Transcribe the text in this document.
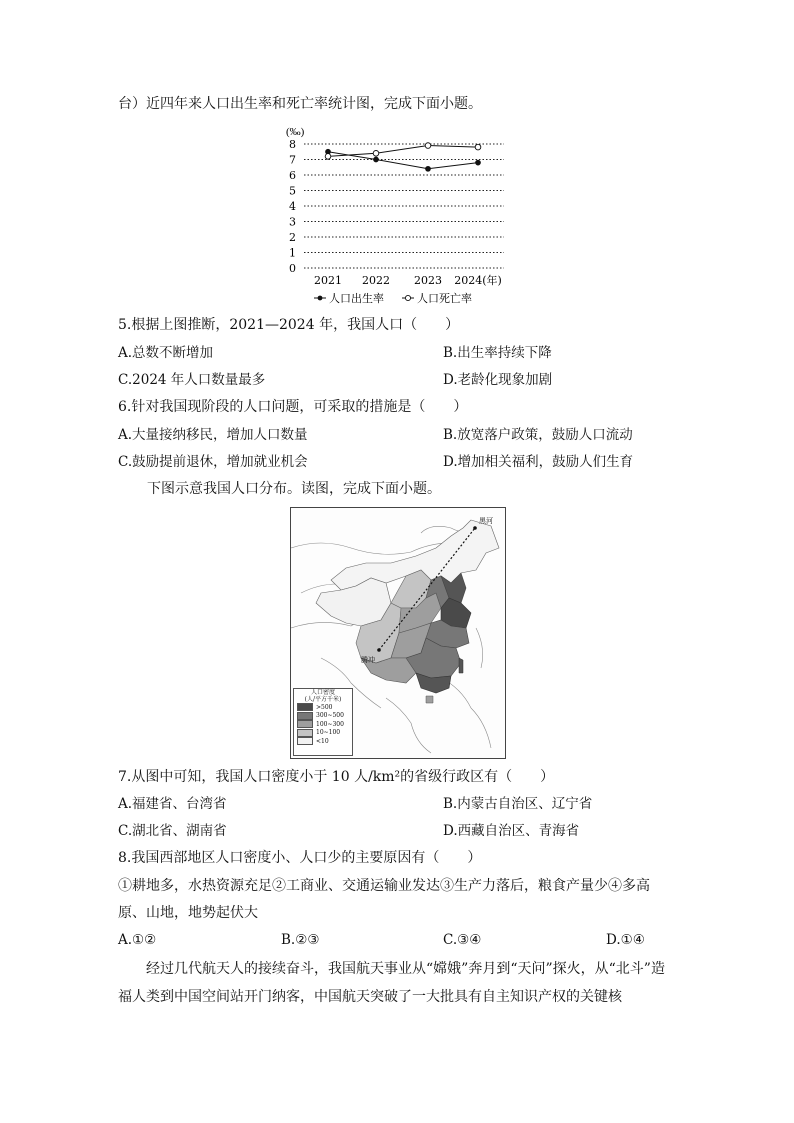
台）近四年来人口出生率和死亡率统计图，完成下面小题。
(‰)
0
1
2
3
4
5
6
7
8
2021 2022 2023 2024(年)
人口出生率	人口死亡率
5.根据上图推断，2021—2024 年，我国人口（　　）
A.总数不断增加	B.出生率持续下降
C.2024 年人口数量最多	D.老龄化现象加剧
6.针对我国现阶段的人口问题，可采取的措施是（　　）
A.大量接纳移民，增加人口数量	B.放宽落户政策，鼓励人口流动
C.鼓励提前退休，增加就业机会	D.增加相关福利，鼓励人们生育
下图示意我国人口分布。读图，完成下面小题。
黑河
腾冲
人口密度
(人/平方千米)
>500
300~500
100~300
10~100
<10
7.从图中可知，我国人口密度小于 10 人/km²的省级行政区有（　　）
A.福建省、台湾省	B.内蒙古自治区、辽宁省
C.湖北省、湖南省	D.西藏自治区、青海省
8.我国西部地区人口密度小、人口少的主要原因有（　　）
①耕地多，水热资源充足②工商业、交通运输业发达③生产力落后，粮食产量少④多高
原、山地，地势起伏大
A.①②	B.②③	C.③④	D.①④
经过几代航天人的接续奋斗，我国航天事业从“嫦娥”奔月到“天问”探火，从“北斗”造福人类到中国空间站开门纳客，中国航天突破了一大批具有自主知识产权的关键核
